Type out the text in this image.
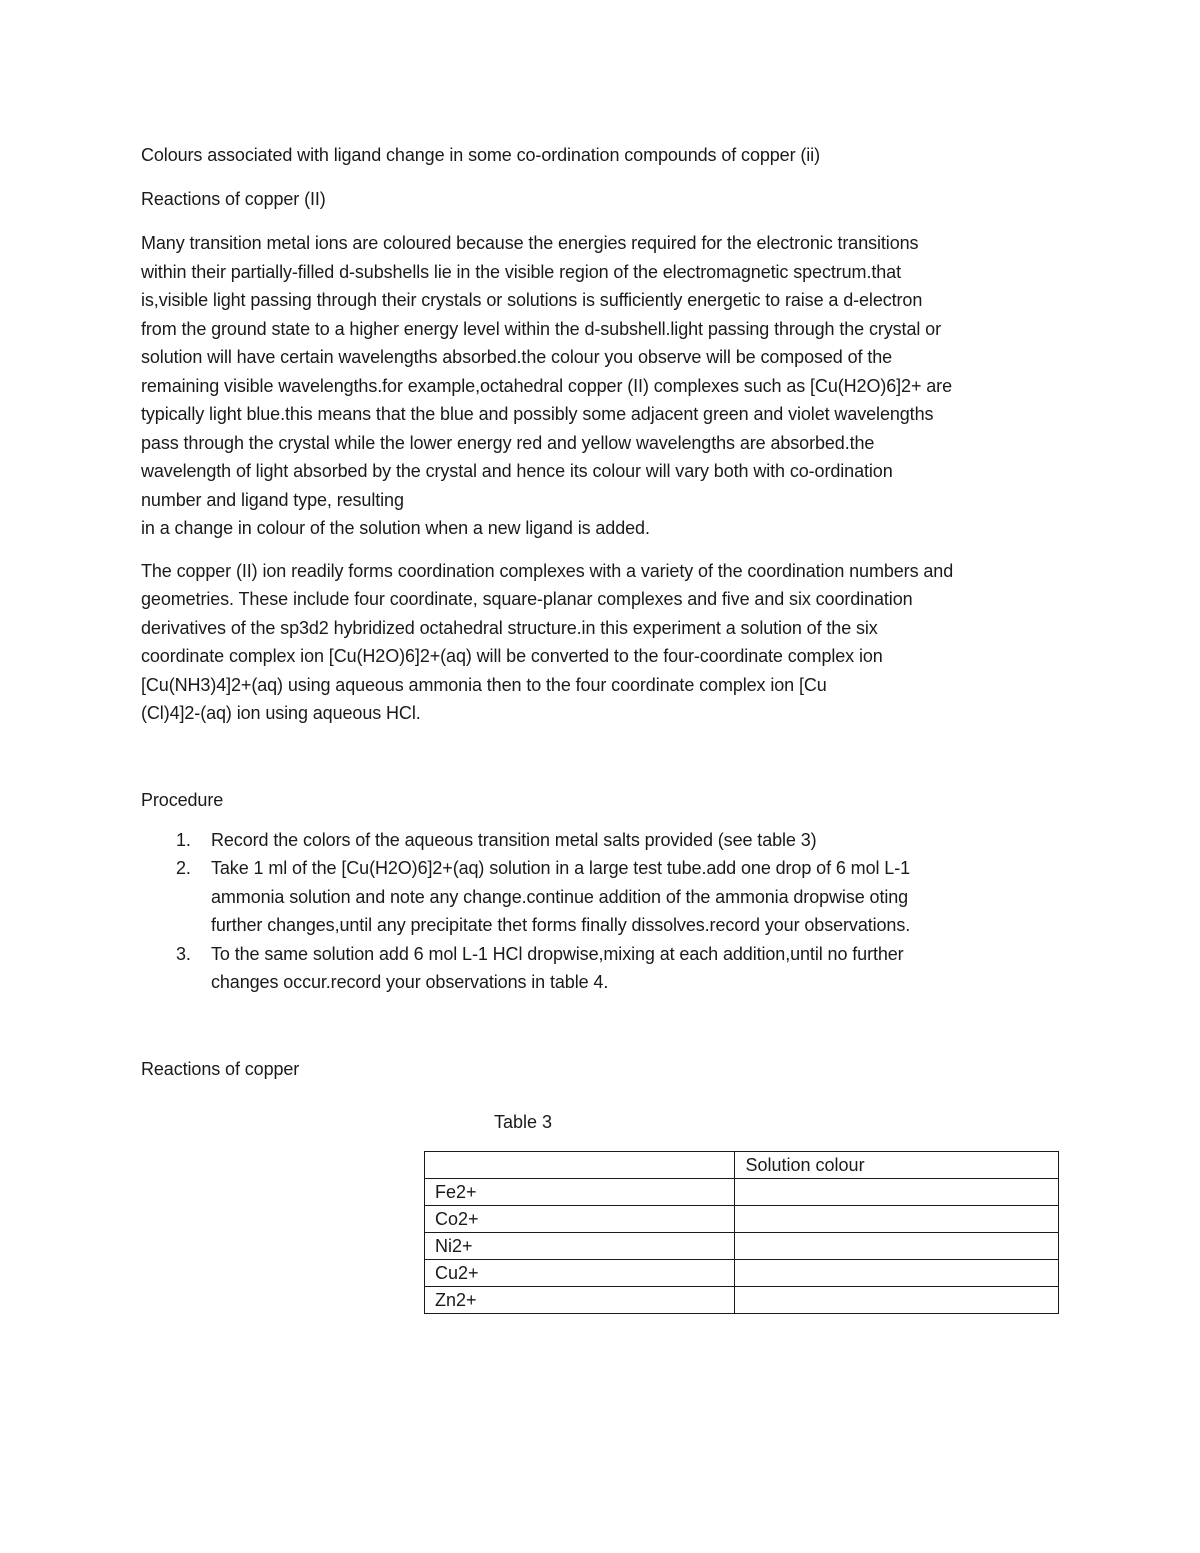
Colours associated with ligand change in some co-ordination compounds of copper (ii)
Reactions of copper (II)
Many transition metal ions are coloured because the energies required for the electronic transitions
within their partially-filled d-subshells lie in the visible region of the electromagnetic spectrum.that
is,visible light passing through their crystals or solutions is sufficiently energetic to raise a d-electron
from the ground state to a higher energy level within the d-subshell.light passing through the crystal or
solution will have certain wavelengths absorbed.the colour you observe will be composed of the
remaining visible wavelengths.for example,octahedral copper (II) complexes such as [Cu(H2O)6]2+ are
typically light blue.this means that the blue and possibly some adjacent green and violet wavelengths
pass through the crystal while the lower energy red and yellow wavelengths are absorbed.the
wavelength of light absorbed by the crystal and hence its colour will vary both with co-ordination
number and ligand type, resulting
in a change in colour of the solution when a new ligand is added.
The copper (II) ion readily forms coordination complexes with a variety of the coordination numbers and
geometries. These include four coordinate, square-planar complexes and five and six coordination
derivatives of the sp3d2 hybridized octahedral structure.in this experiment a solution of the six
coordinate complex ion [Cu(H2O)6]2+(aq) will be converted to the four-coordinate complex ion
[Cu(NH3)4]2+(aq) using aqueous ammonia then to the four coordinate complex ion [Cu
(Cl)4]2-(aq) ion using aqueous HCl.
Procedure
1. Record the colors of the aqueous transition metal salts provided (see table 3)
2. Take 1 ml of the [Cu(H2O)6]2+(aq) solution in a large test tube.add one drop of 6 mol L-1
ammonia solution and note any change.continue addition of the ammonia dropwise oting
further changes,until any precipitate thet forms finally dissolves.record your observations.
3. To the same solution add 6 mol L-1 HCl dropwise,mixing at each addition,until no further
changes occur.record your observations in table 4.
Reactions of copper
Table 3
	Solution colour
Fe2+	
Co2+	
Ni2+	
Cu2+	
Zn2+	
